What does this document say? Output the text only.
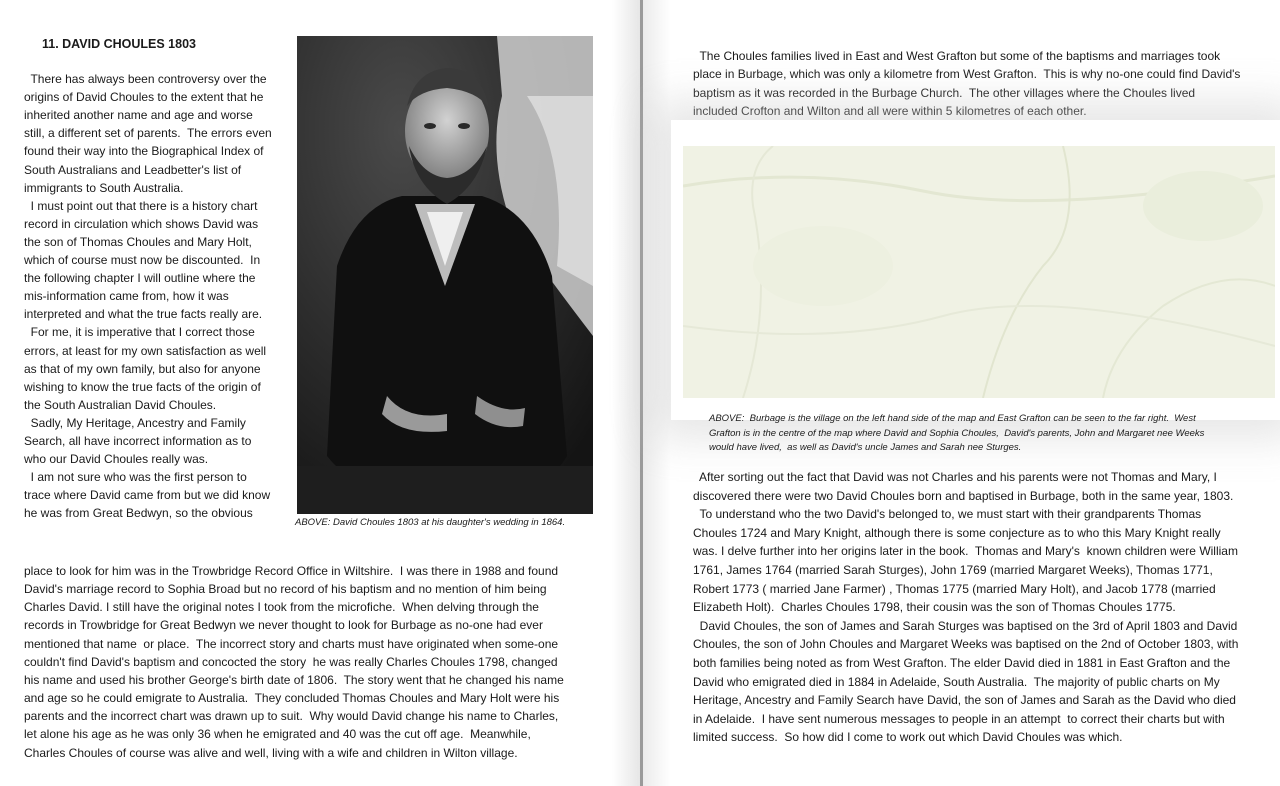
11. DAVID CHOULES 1803

There has always been controversy over the

origins of David Choules to the extent that he

inherited another name and age and worse

still, a different set of parents.  The errors even

found their way into the Biographical Index of

South Australians and Leadbetter's list of

immigrants to South Australia.

I must point out that there is a history chart

record in circulation which shows David was

the son of Thomas Choules and Mary Holt,

which of course must now be discounted.  In

the following chapter I will outline where the

mis-information came from, how it was

interpreted and what the true facts really are.

For me, it is imperative that I correct those

errors, at least for my own satisfaction as well

as that of my own family, but also for anyone

wishing to know the true facts of the origin of

the South Australian David Choules.

Sadly, My Heritage, Ancestry and Family

Search, all have incorrect information as to

who our David Choules really was.

I am not sure who was the first person to

trace where David came from but we did know

he was from Great Bedwyn, so the obvious

place to look for him was in the Trowbridge Record Office in Wiltshire.  I was there in 1988 and found

David's marriage record to Sophia Broad but no record of his baptism and no mention of him being

Charles David. I still have the original notes I took from the microfiche.  When delving through the

records in Trowbridge for Great Bedwyn we never thought to look for Burbage as no-one had ever

mentioned that name  or place.  The incorrect story and charts must have originated when some-one

couldn't find David's baptism and concocted the story  he was really Charles Choules 1798, changed

his name and used his brother George's birth date of 1806.  The story went that he changed his name

and age so he could emigrate to Australia.  They concluded Thomas Choules and Mary Holt were his

parents and the incorrect chart was drawn up to suit.  Why would David change his name to Charles,

let alone his age as he was only 36 when he emigrated and 40 was the cut off age.  Meanwhile,

Charles Choules of course was alive and well, living with a wife and children in Wilton village.

ABOVE: David Choules 1803 at his daughter's wedding in 1864.

The Choules families lived in East and West Grafton but some of the baptisms and marriages took

place in Burbage, which was only a kilometre from West Grafton.  This is why no-one could find David's

baptism as it was recorded in the Burbage Church.  The other villages where the Choules lived

included Crofton and Wilton and all were within 5 kilometres of each other.

ABOVE:  Burbage is the village on the left hand side of the map and East Grafton can be seen to the far right.  West

Grafton is in the centre of the map where David and Sophia Choules,  David's parents, John and Margaret nee Weeks

would have lived,  as well as David's uncle James and Sarah nee Sturges.

After sorting out the fact that David was not Charles and his parents were not Thomas and Mary, I

discovered there were two David Choules born and baptised in Burbage, both in the same year, 1803.

To understand who the two David's belonged to, we must start with their grandparents Thomas

Choules 1724 and Mary Knight, although there is some conjecture as to who this Mary Knight really

was. I delve further into her origins later in the book.  Thomas and Mary's  known children were William

1761, James 1764 (married Sarah Sturges), John 1769 (married Margaret Weeks), Thomas 1771,

Robert 1773 ( married Jane Farmer) , Thomas 1775 (married Mary Holt), and Jacob 1778 (married

Elizabeth Holt).  Charles Choules 1798, their cousin was the son of Thomas Choules 1775.

David Choules, the son of James and Sarah Sturges was baptised on the 3rd of April 1803 and David

Choules, the son of John Choules and Margaret Weeks was baptised on the 2nd of October 1803, with

both families being noted as from West Grafton. The elder David died in 1881 in East Grafton and the

David who emigrated died in 1884 in Adelaide, South Australia.  The majority of public charts on My

Heritage, Ancestry and Family Search have David, the son of James and Sarah as the David who died

in Adelaide.  I have sent numerous messages to people in an attempt  to correct their charts but with

limited success.  So how did I come to work out which David Choules was which.
